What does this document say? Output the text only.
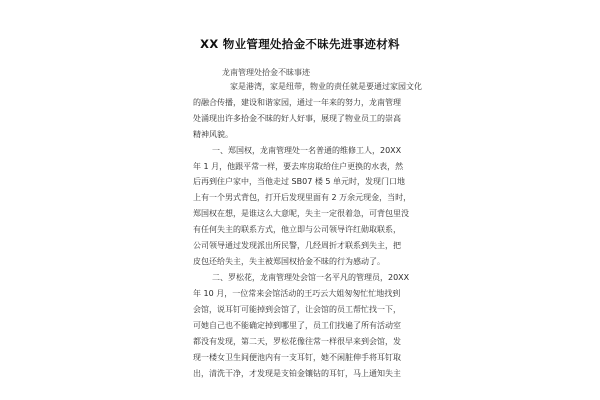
XX 物业管理处拾金不昧先进事迹材料
龙南管理处拾金不昧事迹
家是港湾，家是纽带，物业的责任就是要通过家园文化
的融合传播，建设和谐家园，通过一年来的努力，龙南管理
处涌现出许多拾金不昧的好人好事，展现了物业员工的崇高
精神风貌。
一、郑国权，龙南管理处一名普通的维修工人，20XX
年 1 月，他跟平常一样，要去库房取给住户更换的水表，然
后再到住户家中，当他走过 SB07 楼 5 单元时，发现门口地
上有一个男式背包，打开后发现里面有 2 万余元现金，当时，
郑国权在想，是谁这么大意呢，失主一定很着急，可背包里没
有任何失主的联系方式，他立即与公司领导许红勋取联系，
公司领导通过发现派出所民警，几经周折才联系到失主，把
皮包还给失主，失主被郑国权拾金不昧的行为感动了。
二、罗松花，龙南管理处会馆一名平凡的管理员，20XX
年 10 月，一位常来会馆活动的王巧云大姐匆匆忙忙地找到
会馆，说耳钉可能掉到会馆了，让会馆的员工帮忙找一下，
可她自己也不能确定掉到哪里了，员工们找遍了所有活动室
都没有发现，第二天，罗松花像往常一样很早来到会馆，发
现一楼女卫生间便池内有一支耳钉，她不闲脏伸手将耳钉取
出，清洗干净，才发现是支铂金镶钻的耳钉，马上通知失主
